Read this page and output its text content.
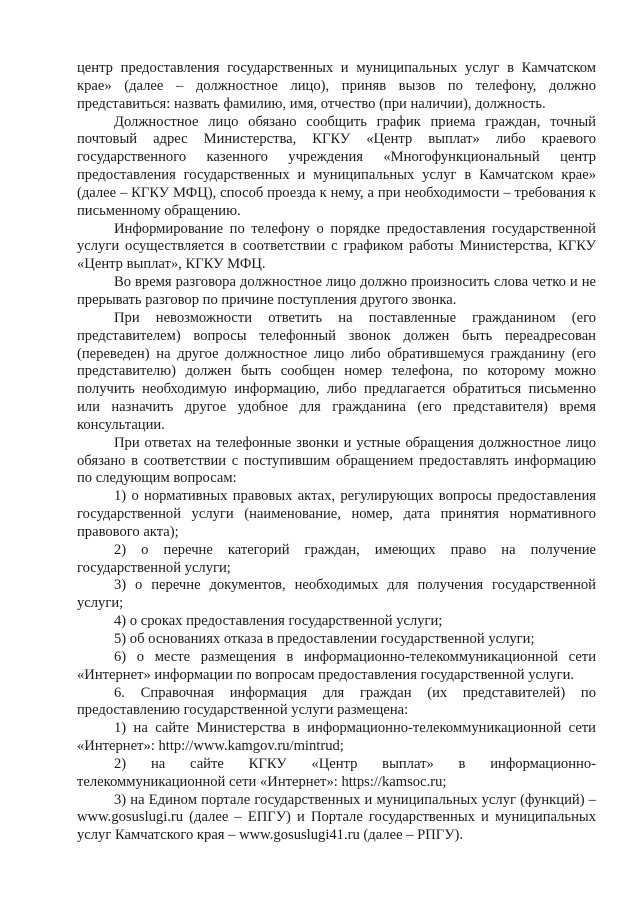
центр предоставления государственных и муниципальных услуг в Камчатском крае» (далее – должностное лицо), приняв вызов по телефону, должно представиться: назвать фамилию, имя, отчество (при наличии), должность.

Должностное лицо обязано сообщить график приема граждан, точный почтовый адрес Министерства, КГКУ «Центр выплат» либо краевого государственного казенного учреждения «Многофункциональный центр предоставления государственных и муниципальных услуг в Камчатском крае» (далее – КГКУ МФЦ), способ проезда к нему, а при необходимости – требования к письменному обращению.

Информирование по телефону о порядке предоставления государственной услуги осуществляется в соответствии с графиком работы Министерства, КГКУ «Центр выплат», КГКУ МФЦ.

Во время разговора должностное лицо должно произносить слова четко и не прерывать разговор по причине поступления другого звонка.

При невозможности ответить на поставленные гражданином (его представителем) вопросы телефонный звонок должен быть переадресован (переведен) на другое должностное лицо либо обратившемуся гражданину (его представителю) должен быть сообщен номер телефона, по которому можно получить необходимую информацию, либо предлагается обратиться письменно или назначить другое удобное для гражданина (его представителя) время консультации.

При ответах на телефонные звонки и устные обращения должностное лицо обязано в соответствии с поступившим обращением предоставлять информацию по следующим вопросам:

1) о нормативных правовых актах, регулирующих вопросы предоставления государственной услуги (наименование, номер, дата принятия нормативного правового акта);

2) о перечне категорий граждан, имеющих право на получение государственной услуги;

3) о перечне документов, необходимых для получения государственной услуги;

4) о сроках предоставления государственной услуги;

5) об основаниях отказа в предоставлении государственной услуги;

6) о месте размещения в информационно-телекоммуникационной сети «Интернет» информации по вопросам предоставления государственной услуги.

6. Справочная информация для граждан (их представителей) по предоставлению государственной услуги размещена:

1) на сайте Министерства в информационно-телекоммуникационной сети «Интернет»: http://www.kamgov.ru/mintrud;

2) на сайте КГКУ «Центр выплат» в информационно-телекоммуникационной сети «Интернет»: https://kamsoc.ru;

3) на Едином портале государственных и муниципальных услуг (функций) – www.gosuslugi.ru (далее – ЕПГУ) и Портале государственных и муниципальных услуг Камчатского края – www.gosuslugi41.ru (далее – РПГУ).
